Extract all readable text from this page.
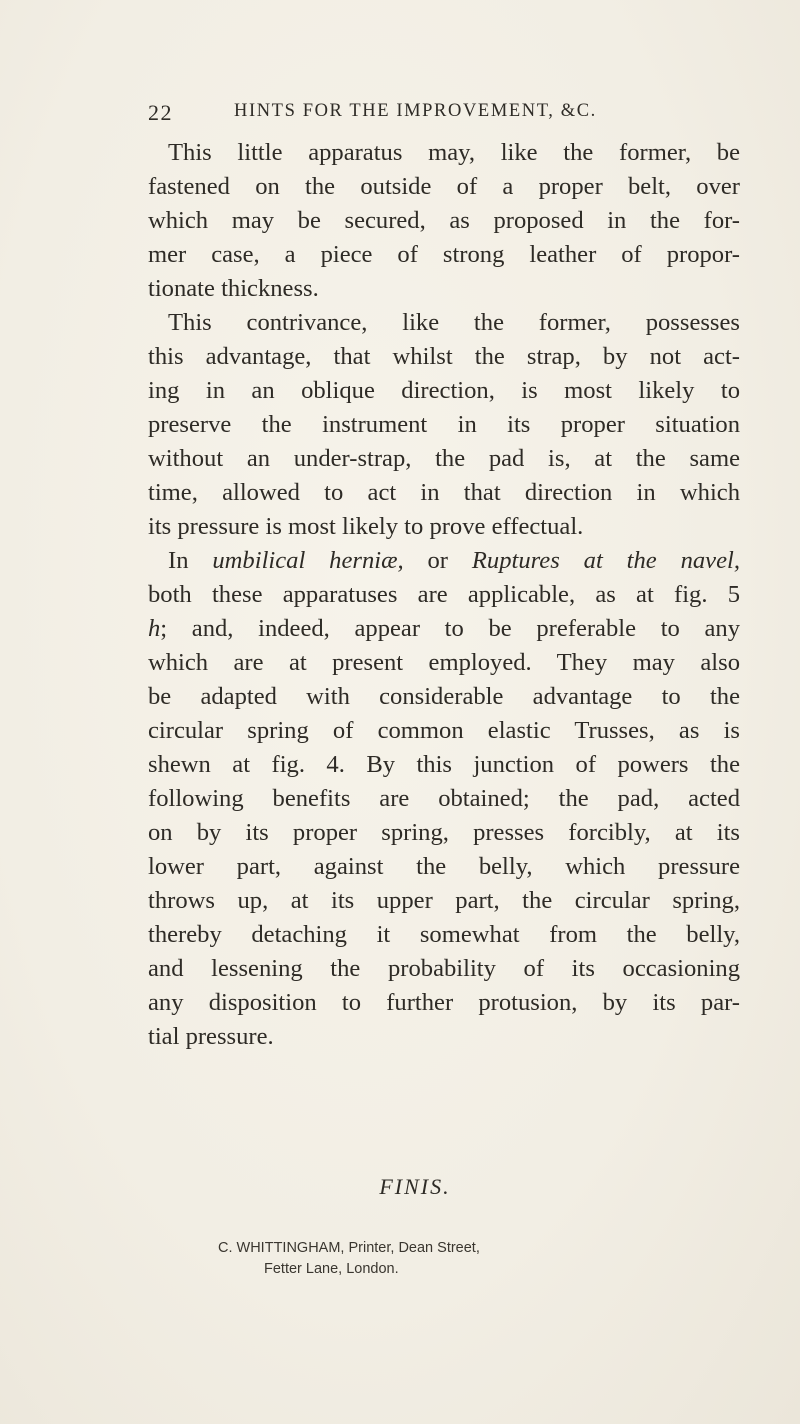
22	HINTS FOR THE IMPROVEMENT, &C.

This little apparatus may, like the former, be
fastened on the outside of a proper belt, over
which may be secured, as proposed in the for-
mer case, a piece of strong leather of propor-
tionate thickness.

This contrivance, like the former, possesses
this advantage, that whilst the strap, by not act-
ing in an oblique direction, is most likely to
preserve the instrument in its proper situation
without an under-strap, the pad is, at the same
time, allowed to act in that direction in which
its pressure is most likely to prove effectual.

In umbilical herniæ, or Ruptures at the navel,
both these apparatuses are applicable, as at fig. 5
h; and, indeed, appear to be preferable to any
which are at present employed. They may also
be adapted with considerable advantage to the
circular spring of common elastic Trusses, as is
shewn at fig. 4. By this junction of powers the
following benefits are obtained; the pad, acted
on by its proper spring, presses forcibly, at its
lower part, against the belly, which pressure
throws up, at its upper part, the circular spring,
thereby detaching it somewhat from the belly,
and lessening the probability of its occasioning
any disposition to further protusion, by its par-
tial pressure.

FINIS.
C. WHITTINGHAM, Printer, Dean Street,
Fetter Lane, London.
